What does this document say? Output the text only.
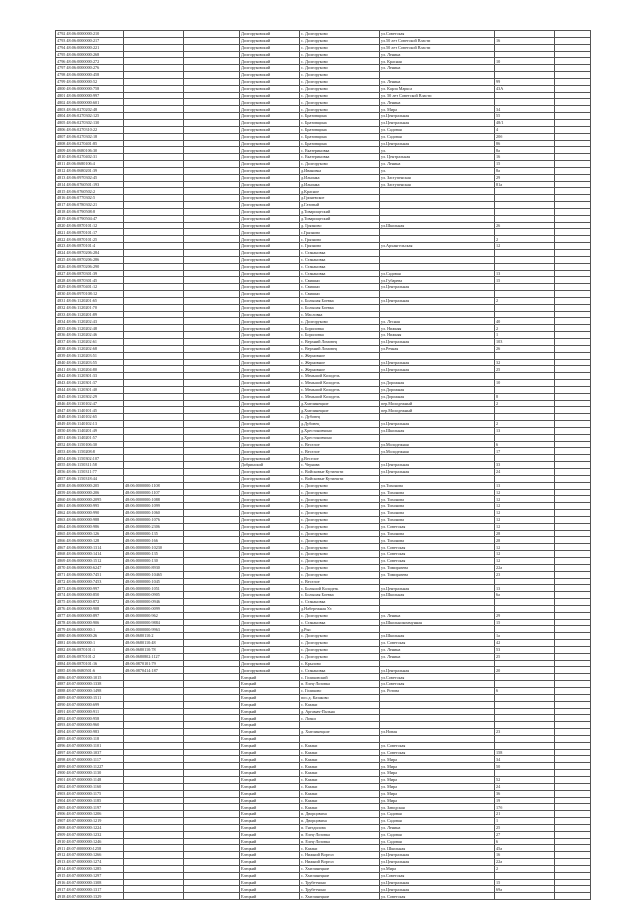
4792 48:06:0000000:210			Долгоруковский	с. Долгоруково	ул.Советская		
4793 48:06:0000000:217			Долгоруковский	с. Долгоруково	ул.50 лет Советской Власти	16	
4794 48:06:0000000:221			Долгоруковский	с. Долгоруково	ул.50 лет Советской Власти		
4795 48:06:0000000:268			Долгоруковский	с. Долгоруково	ул. Ленина		
4796 48:06:0000000:272			Долгоруковский	с. Долгоруково	ул. Красная	10	
4797 48:06:0000000:276			Долгоруковский	с. Долгоруково	ул. Ленина		
4798 48:06:0000000:458			Долгоруковский	с. Долгоруково			
4799 48:06:0000000:52			Долгоруковский	с. Долгоруково	ул. Ленина	99	
4800 48:06:0000000:758			Долгоруковский	с. Долгоруково	ул. Карла Маркса	43А	
4801 48:06:0000000:997			Долгоруковский	с. Долгоруково	ул. 50 лет Советской Власти		
4802 48:06:0000000:601			Долгоруковский	с. Долгоруково	ул. Ленина		
4803 48:06:0270202:48			Долгоруковский	с. Долгоруково	ул. Мира	34	
4804 48:06:0270302:125			Долгоруковский	с. Братовщина	ул.Центральная	55	
4805 48:06:0270302:130			Долгоруковский	с. Братовщина	ул.Центральная	48/1	
4806 48:06:0270310:22			Долгоруковский	с. Братовщина	ул. Садовая	4	
4807 48:06:0270302:18			Долгоруковский	с. Братовщина	ул. Садовая	20б	
4808 48:06:0270401:85			Долгоруковский	с. Братовщина	ул.Центральная	86	
4809 48:06:0680106:30			Долгоруковский	с. Екатериновка	ул.	8а	
4810 48:06:0270402:31			Долгоруковский	с. Екатериновка	ул. Центральная	16	
4811 48:06:0680106:4			Долгоруковский	с. Долгоруково	ул. Ленина	15	
4812 48:06:0680201:39			Долгоруковский	д.Ивановка	ул.	8а	
4813 48:06:0970302:45			Долгоруковский	д.Ильинка	ул. Заступенская	29	
4814 48:06:0760501:193			Долгоруковский	д.Ильинка	ул. Заступенская	81а	
4815 48:06:0760502:2			Долгоруковский	д.Красное			
4816 48:06:0770302:5			Долгоруковский	д.Гриневское			
4817 48:06:0780302:21			Долгоруковский	д.Гатовый			
4818 48:06:0790508:8			Долгоруковский	д.Товарищеский			
4819 48:06:0790504:47			Долгоруковский	д.Товарищеский			
4820 48:06:0870101:12			Долгоруковский	д. Грязново	ул.Школьная	26	
4821 48:06:0870101:17			Долгоруковский	с.Грязново			
4822 48:06:0870101:25			Долгоруковский	с. Грязново		2	
4823 48:06:0870101:4			Долгоруковский	с. Грязново	ул.Архангельская	12	
4824 48:06:0870206:284			Долгоруковский	с. Стакановка			
4825 48:06:0870206:286			Долгоруковский	с. Стакановка			
4826 48:06:0870206:290			Долгоруковский	с. Стакановка			
4827 48:06:0870301:39			Долгоруковский	с. Стакановка	ул.Садовая	13	
4828 48:06:0870301:45			Долгоруковский	с. Свишни	ул.Губарева	15	
4829 48:06:0870401:12			Долгоруковский	с. Свишни	ул.Центральная		
4830 48:06:0970108:12			Долгоруковский	с. Свишни			
4831 48:06:1120201:65			Долгоруковский	с. Большая Боевка	ул.Центральная	2	
4832 48:06:1120201:70			Долгоруковский	с. Большая Боевка			
4833 48:06:1120201:89			Долгоруковский	с. Масловка			
4834 48:06:1120202:43			Долгоруковский	с. Долгоруково	ул. Лесная	40	
4835 48:06:1120202:48			Долгоруковский	с. Бориловка	ул. Нижняя	2	
4836 48:06:1120202:46			Долгоруковский	с. Бориловка	ул. Нижняя	1	
4837 48:06:1120202:61			Долгоруковский	с. Верхний Ломовец	ул.Центральная	103	
4838 48:06:1120202:68			Долгоруковский	с. Верхний Ломовец	ул.Речная	26	
4839 48:06:1120203:51			Долгоруковский	с. Жерновное			
4840 48:06:1120203:55			Долгоруковский	с. Жерновное	ул.Центральная	32	
4841 48:06:1120204:80			Долгоруковский	с. Жерновное	ул.Центральная	25	
4842 48:06:1120301:33			Долгоруковский	с. Меньшой Колодезь			
4843 48:06:1120301:37			Долгоруковский	с. Меньшой Колодезь	ул.Дорожная	10	
4844 48:06:1120301:40			Долгоруковский	с. Меньшой Колодезь	ул.Дорожная		
4845 48:06:1120302:29			Долгоруковский	с. Меньшой Колодезь	ул.Дорожная	8	
4846 48:06:1130102:47			Долгоруковский	д.Хмелинецкие	пер.Молодежный	2	
4847 48:06:1140101:45			Долгоруковский	д.Хмелинецкие	пер.Молодежный		
4848 48:06:1140102:65			Долгоруковский	с. Дубовец			
4849 48:06:1140102:13			Долгоруковский	д.Дубовец	ул.Центральная	2	
4850 48:06:1140201:49			Долгоруковский	д.Хрестоновчино	ул.Школьная	13	
4851 48:06:1140201:57			Долгоруковский	д.Хрестоновчино			
4852 48:06:1150106:30			Долгоруковский	с. Веселое	ул.Молодежная	6	
4853 48:06:1150208:8			Долгоруковский	с. Веселое	ул.Молодежная	17	
4854 48:06:1150302:107			Долгоруковский	д.Веселое			
4855 48:06:1150311:58			Добринский	с. Чернава	ул.Центральная	33	
4856 48:06:1150311:77			Долгоруковский	с. Войсковые Кутиешти	ул.Центральная	24	
4857 48:06:1150318:44			Долгоруковский	с. Войсковые Кутиешти			
4858 48:06:0000000:205	48:06:0000000:1108		Долгоруковский	с. Долгоруково	ул.Тихонова	13	
4859 48:06:0000000:206	48:06:0000000:1107		Долгоруковский	с. Долгоруково	ул. Тихонова	12	
4860 48:06:0000000:2095	48:06:0000000:1088		Долгоруковский	с. Долгоруково	ул. Тихонова	12	
4861 48:06:0000000:995	48:06:0000000:1099		Долгоруковский	с. Долгоруково	ул. Тихонова	12	
4862 48:06:0000000:990	48:06:0000000:1060		Долгоруковский	с. Долгоруково	ул. Тихонова	12	
4863 48:06:0000000:988	48:06:0000000:1076		Долгоруковский	с. Долгоруково	ул. Тихонова	12	
4864 48:06:0000000:986	48:06:0000000:2306		Долгоруковский	с. Долгоруково	ул. Советская	12	
4865 48:06:0000000:126	48:06:0000000:135		Долгоруковский	с. Долгоруково	ул. Тихонова	28	
4866 48:06:0000000:128	48:06:0000000:166		Долгоруковский	с. Долгоруково	ул. Тихонова	28	
4867 48:06:0000000:1314	48:06:0000000:10230		Долгоруковский	с. Долгоруково	ул. Советская	12	
4868 48:06:0000000:1414	48:06:0000000:135		Долгоруковский	с. Долгоруково	ул. Советская	12	
4869 48:06:0000000:1512	48:06:0000000:130		Долгоруковский	с. Долгоруково	ул. Советская	12	
4870 48:06:0000000:6247	48:06:0000000:8930		Долгоруковский	с. Долгоруково	ул. Тимирязева	22а	
4871 48:06:0000000:7451	48:06:0000000:10465		Долгоруковский	с. Долгоруково	ул. Тимирязева	23	
4872 48:06:0000000:7453	48:06:0000000:1045		Долгоруковский	с. Веселое			
4873 48:06:0000000:997	48:06:0000000:1051		Долгоруковский	с. Большой Колодезь	ул.Центральная	13	
4874 48:06:0000000:850	48:06:0000000:0905		Долгоруковский	с. Большая Боевка	ул.Школьная	6а	
4875 48:06:0000000:872	48:06:0000000:0946		Долгоруковский	с. Стакановка			
4876 48:06:0000000:908	48:06:0000000:0099		Долгоруковский	д.Набережная Ул			
4877 48:06:0000000:897	48:06:0000000:962		Долгоруковский	с. Долгоруково	ул. Ленина	29	
4878 48:06:0000000:906	48:06:0000000:9884		Долгоруковский	с. Стакановка	ул.Школьнокоммунная	15	
4879 48:06:0000000:1	48:06:0000000:9963		Долгоруковский	д.Рыс			
4880 48:06:0000000:26	48:06:0680110:2		Долгоруковский	с. Долгоруково	ул.Школьная	1а	
4881 48:06:0000000:1	48:06:0680110:48		Долгоруковский	с. Долгоруково	ул. Советская	42	
4882 48:06:0870101:1	48:06:0680110:78		Долгоруковский	с. Долгоруково	ул. Ленина	53	
4883 48:06:0870101:2	48:06:0680802:1127		Долгоруковский	с. Долгоруково	ул. Ленина	25	
4884 48:06:0870101:16	48:06:0870101:79		Долгоруковский	с. Крылово			
4885 48:06:0680501:6	48:06:0870414:187		Долгоруковский	с. Стакановка	ул.Центральная	20	
4886 48:07:0000000:1015			Елецкий	с. Голиковский	ул.Советская		
4887 48:07:0000000:1338			Елецкий	п. Елец-Лозовка	ул.Советская		
4888 48:07:0000000:1498			Елецкий	с. Голиково	ул. Ротова	6	
4889 48:07:0000000:1511			Елецкий	пос.д. Казаково			
4890 48:07:0000000:699			Елецкий	с. Казаки			
4891 48:07:0000000:911			Елецкий	д. Аргамач-Пальна			
4892 48:07:0000000:958			Елецкий	с. Лозки			
4893 48:07:0000000:960			Елецкий				
4894 48:07:0000000:983			Елецкий	д. Хмелинецкие	ул.Новая	23	
4895 48:07:0000000:118			Елецкий				
4896 48:07:0000000:1101			Елецкий	с. Казаки	ул. Советская		
4897 48:07:0000000:1037			Елецкий	с. Казаки	ул. Советская	158	
4898 48:07:0000000:1117			Елецкий	с. Казаки	ул. Мира	34	
4899 48:07:0000000:11227			Елецкий	с. Казаки	ул. Мира	50	
4900 48:07:0000000:1130			Елецкий	с. Казаки	ул. Мира		
4901 48:07:0000000:1148			Елецкий	с. Казаки	ул. Мира	52	
4902 48:07:0000000:1160			Елецкий	с. Казаки	ул. Мира	24	
4903 48:07:0000000:1175			Елецкий	с. Казаки	ул. Мира	36	
4904 48:07:0000000:1185			Елецкий	с. Казаки	ул. Мира	19	
4905 48:07:0000000:1197			Елецкий	с. Казаки	ул. Заводская	17б	
4906 48:07:0000000:1206			Елецкий	п. Дворцовиха	ул. Садовая	21	
4907 48:07:0000000:1219			Елецкий	п. Дворцовиха	ул. Садовая	1	
4908 48:07:0000000:1224			Елецкий	п. Гнездилова	ул. Ленина	25	
4909 48:07:0000000:1232			Елецкий	п. Елец-Лозовка	ул. Садовая	27	
4910 48:07:0000000:1246			Елецкий	п. Елец-Лозовка	ул. Садовая	6	
4911 48:07:0000000:1258			Елецкий	с. Казаки	ул. Школьная	45а	
4912 48:07:0000000:1266			Елецкий	с. Нижний Воргол	ул.Центральная	16	
4913 48:07:0000000:1274			Елецкий	с. Нижний Воргол	ул.Центральная	22а	
4914 48:07:0000000:1285			Елецкий	с. Хмелинецкие	ул.Мира	2	
4915 48:07:0000000:1297			Елецкий	с. Хмелинецкие	ул.Советская		
4916 48:07:0000000:1308			Елецкий	с. Трубетчино	ул.Центральная	15	
4917 48:07:0000000:1317			Елецкий	с. Трубетчино	ул.Центральная	69а	
4918 48:07:0000000:1329			Елецкий	с. Хмелинецкие	ул. Советская		
